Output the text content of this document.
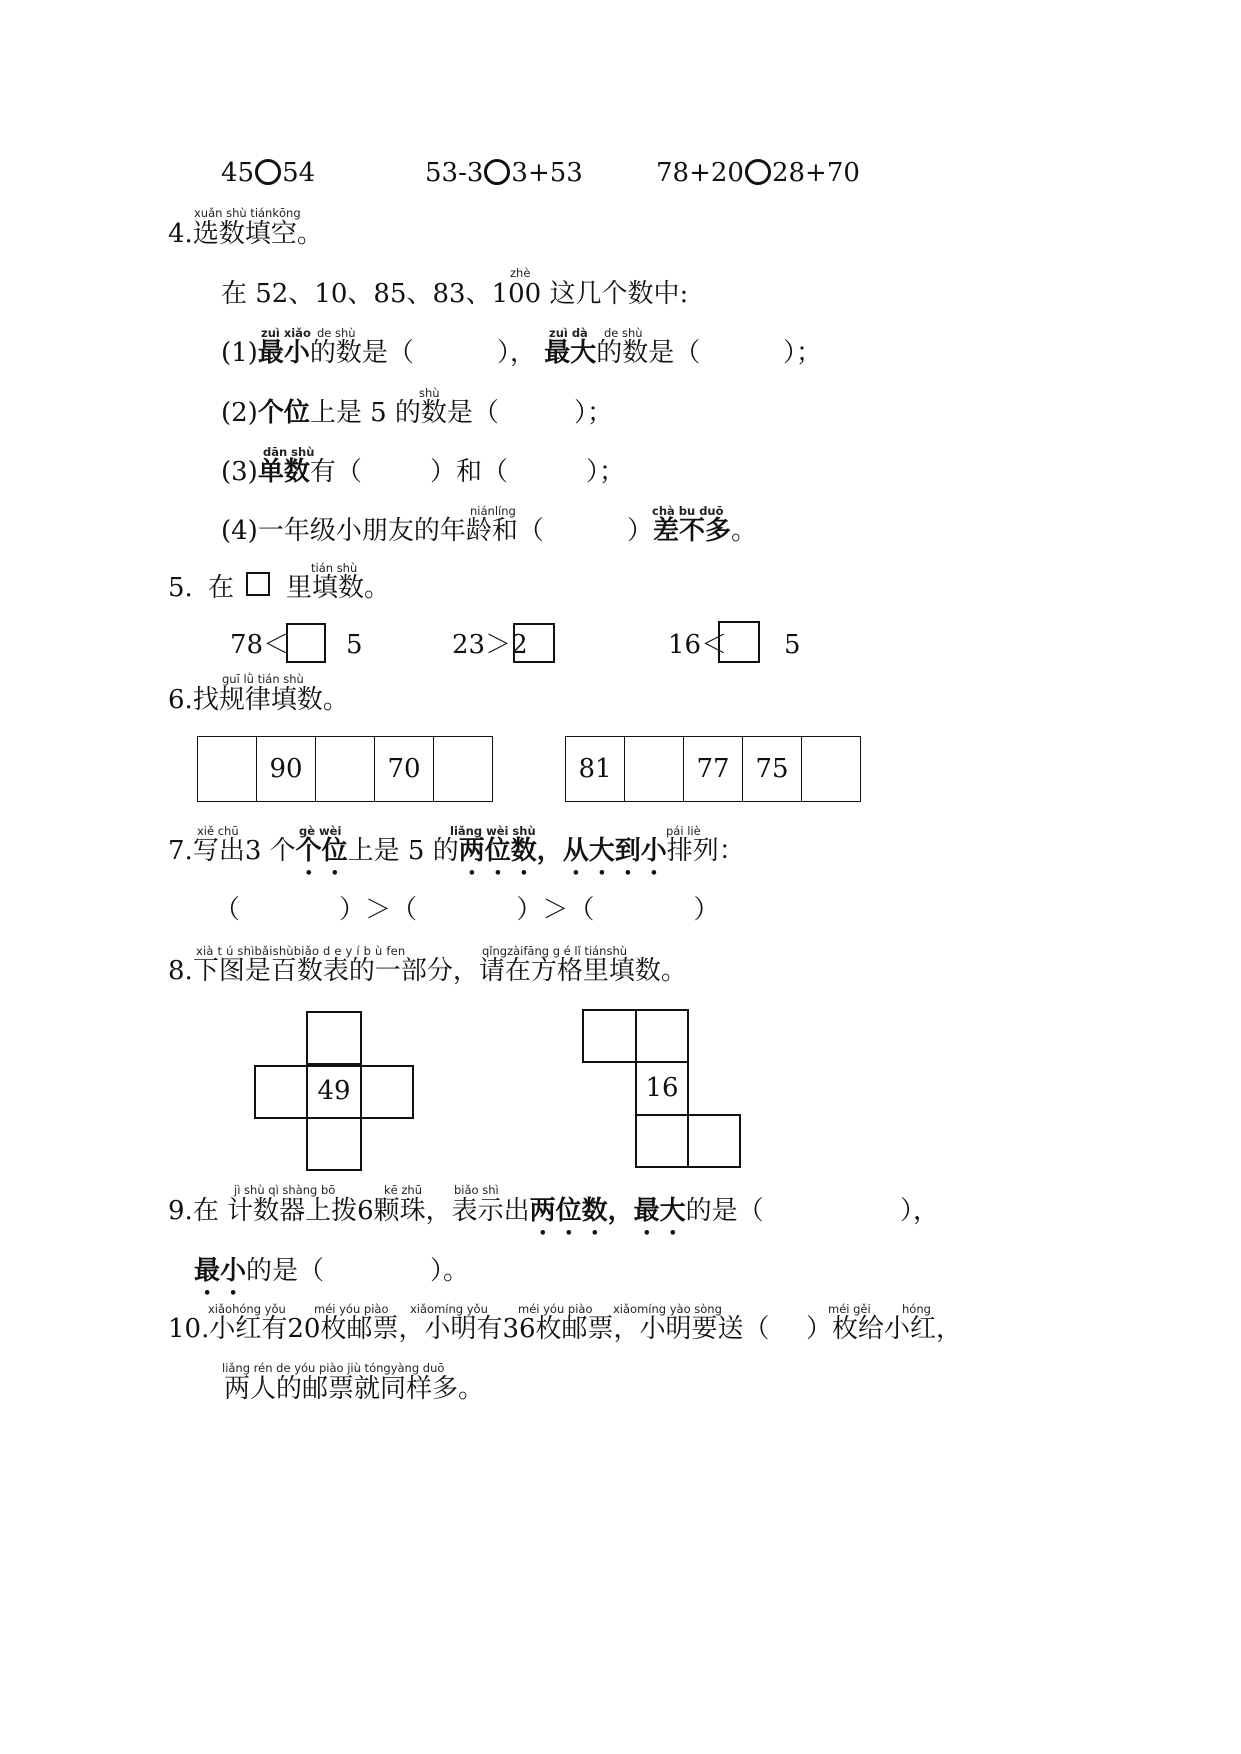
45 54	53-3 3+53	78+20 28+70
xuǎn shù tiánkōng
4.选数填空。
zhè
在 52、10、85、83、100 这几个数中:
zuì xiǎo de shù	zuì dà de shù
(1)最小的数是（	）， 最大的数是（	）；
shù
(2)个位上是 5 的数是（	）；
dān shù
(3)单数有（	）和（	）；
niánlíng	chà bu duō
(4)一年级小朋友的年龄和（	）差不多。
tián shù
5. 在 里填数。
78＜ 5	23＞2	16＜ 5
guī lǜ tián shù
6.找规律填数。
	90		70		81		77	75	
xiě chū	gè wèi	liǎng wèi shù	pái liè
7.写出3 个个位上是 5 的两位数，从大到小排列：
（            ）＞（            ）＞（            ）
xià t ú shìbǎishùbiǎo d e y í b ù fen	qǐngzàifāng g é lǐ tiánshù
8.下图是百数表的一部分，请在方格里填数。
49	16
jì shù qì shàng bō	kē zhū	biǎo shì
9.在 计数器上拨6颗珠，表示出两位数，最大的是（	），
最小的是（	）。
xiǎohóng yǒu méi yóu piào xiǎomíng yǒu	méi yóu piào xiǎomíng yào sòng	méi gěi	hóng
10.小红有20枚邮票，小明有36枚邮票，小明要送（ ）枚给小红，
liǎng rén de yóu piào jiù tóngyàng duō
两人的邮票就同样多。
